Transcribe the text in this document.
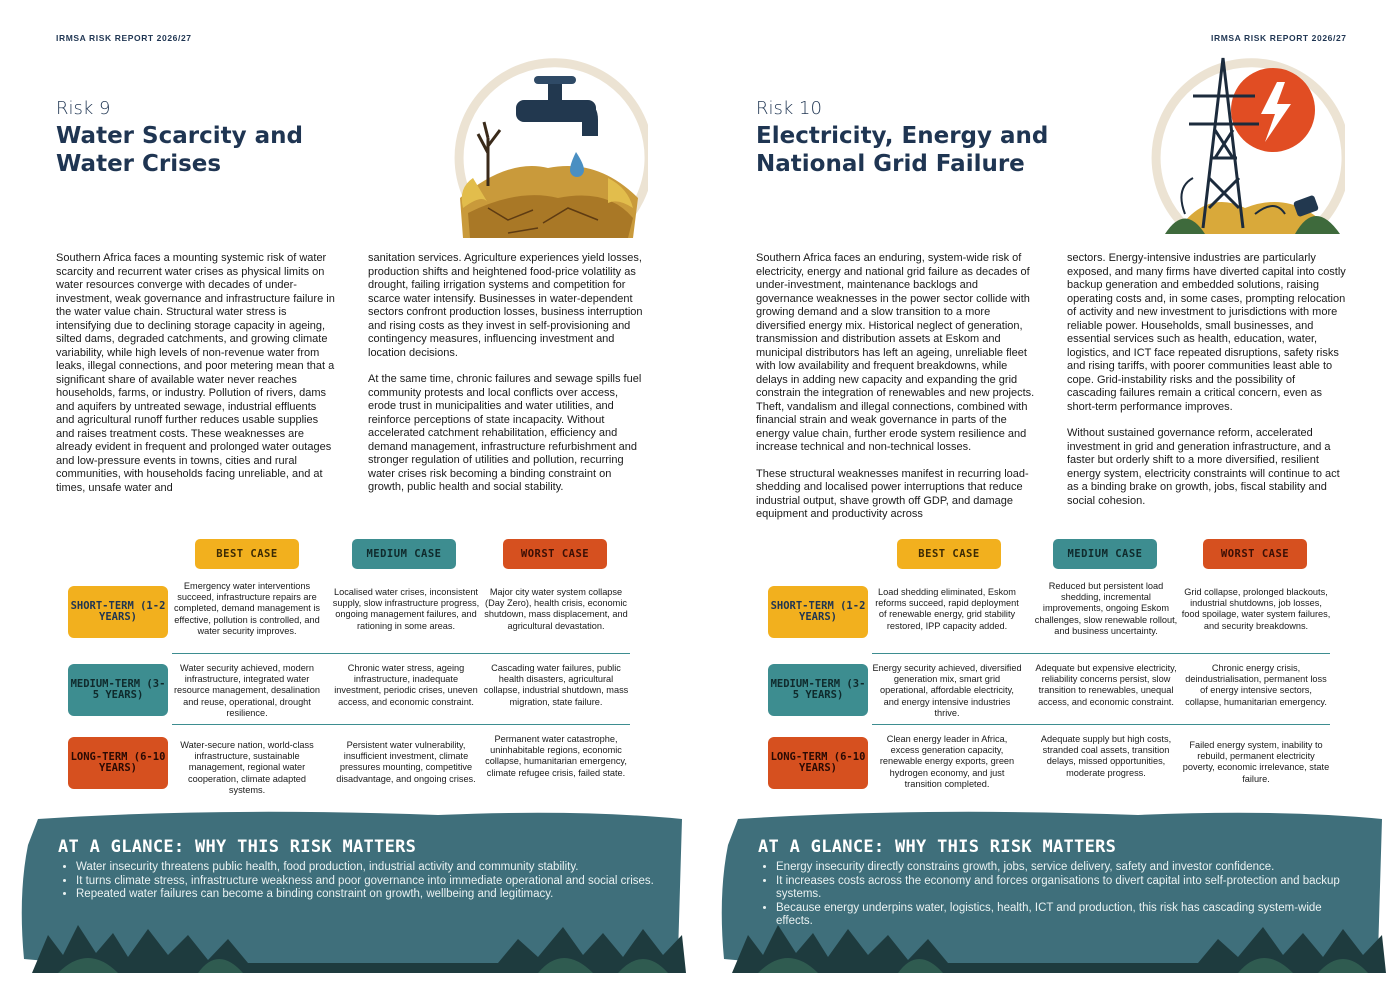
IRMSA RISK REPORT 2026/27
Risk 9
Water Scarcity and Water Crises

Southern Africa faces a mounting systemic risk of water scarcity and recurrent water crises as physical limits on water resources converge with decades of under-investment, weak governance and infrastructure failure in the water value chain. Structural water stress is intensifying due to declining storage capacity in ageing, silted dams, degraded catchments, and growing climate variability, while high levels of non-revenue water from leaks, illegal connections, and poor metering mean that a significant share of available water never reaches households, farms, or industry. Pollution of rivers, dams and aquifers by untreated sewage, industrial effluents and agricultural runoff further reduces usable supplies and raises treatment costs. These weaknesses are already evident in frequent and prolonged water outages and low-pressure events in towns, cities and rural communities, with households facing unreliable, and at times, unsafe water and

sanitation services. Agriculture experiences yield losses, production shifts and heightened food-price volatility as drought, failing irrigation systems and competition for scarce water intensify. Businesses in water-dependent sectors confront production losses, business interruption and rising costs as they invest in self-provisioning and contingency measures, influencing investment and location decisions.

At the same time, chronic failures and sewage spills fuel community protests and local conflicts over access, erode trust in municipalities and water utilities, and reinforce perceptions of state incapacity. Without accelerated catchment rehabilitation, efficiency and demand management, infrastructure refurbishment and stronger regulation of utilities and pollution, recurring water crises risk becoming a binding constraint on growth, public health and social stability.

BEST CASE	MEDIUM CASE	WORST CASE
SHORT-TERM (1-2 YEARS)
Emergency water interventions succeed, infrastructure repairs are completed, demand management is effective, pollution is controlled, and water security improves.
Localised water crises, inconsistent supply, slow infrastructure progress, ongoing management failures, and rationing in some areas.
Major city water system collapse (Day Zero), health crisis, economic shutdown, mass displacement, and agricultural devastation.
MEDIUM-TERM (3-5 YEARS)
Water security achieved, modern infrastructure, integrated water resource management, desalination and reuse, operational, drought resilience.
Chronic water stress, ageing infrastructure, inadequate investment, periodic crises, uneven access, and economic constraint.
Cascading water failures, public health disasters, agricultural collapse, industrial shutdown, mass migration, state failure.
LONG-TERM (6-10 YEARS)
Water-secure nation, world-class infrastructure, sustainable management, regional water cooperation, climate adapted systems.
Persistent water vulnerability, insufficient investment, climate pressures mounting, competitive disadvantage, and ongoing crises.
Permanent water catastrophe, uninhabitable regions, economic collapse, humanitarian emergency, climate refugee crisis, failed state.
AT A GLANCE: WHY THIS RISK MATTERS
• Water insecurity threatens public health, food production, industrial activity and community stability.
• It turns climate stress, infrastructure weakness and poor governance into immediate operational and social crises.
• Repeated water failures can become a binding constraint on growth, wellbeing and legitimacy.
IRMSA RISK REPORT 2026/27
Risk 10
Electricity, Energy and National Grid Failure

Southern Africa faces an enduring, system-wide risk of electricity, energy and national grid failure as decades of under-investment, maintenance backlogs and governance weaknesses in the power sector collide with growing demand and a slow transition to a more diversified energy mix. Historical neglect of generation, transmission and distribution assets at Eskom and municipal distributors has left an ageing, unreliable fleet with low availability and frequent breakdowns, while delays in adding new capacity and expanding the grid constrain the integration of renewables and new projects. Theft, vandalism and illegal connections, combined with financial strain and weak governance in parts of the energy value chain, further erode system resilience and increase technical and non-technical losses.

These structural weaknesses manifest in recurring load-shedding and localised power interruptions that reduce industrial output, shave growth off GDP, and damage equipment and productivity across

sectors. Energy-intensive industries are particularly exposed, and many firms have diverted capital into costly backup generation and embedded solutions, raising operating costs and, in some cases, prompting relocation of activity and new investment to jurisdictions with more reliable power. Households, small businesses, and essential services such as health, education, water, logistics, and ICT face repeated disruptions, safety risks and rising tariffs, with poorer communities least able to cope. Grid-instability risks and the possibility of cascading failures remain a critical concern, even as short-term performance improves.

Without sustained governance reform, accelerated investment in grid and generation infrastructure, and a faster but orderly shift to a more diversified, resilient energy system, electricity constraints will continue to act as a binding brake on growth, jobs, fiscal stability and social cohesion.

BEST CASE	MEDIUM CASE	WORST CASE
SHORT-TERM (1-2 YEARS)
Load shedding eliminated, Eskom reforms succeed, rapid deployment of renewable energy, grid stability restored, IPP capacity added.
Reduced but persistent load shedding, incremental improvements, ongoing Eskom challenges, slow renewable rollout, and business uncertainty.
Grid collapse, prolonged blackouts, industrial shutdowns, job losses, food spoilage, water system failures, and security breakdowns.
MEDIUM-TERM (3-5 YEARS)
Energy security achieved, diversified generation mix, smart grid operational, affordable electricity, and energy intensive industries thrive.
Adequate but expensive electricity, reliability concerns persist, slow transition to renewables, unequal access, and economic constraint.
Chronic energy crisis, deindustrialisation, permanent loss of energy intensive sectors, collapse, humanitarian emergency.
LONG-TERM (6-10 YEARS)
Clean energy leader in Africa, excess generation capacity, renewable energy exports, green hydrogen economy, and just transition completed.
Adequate supply but high costs, stranded coal assets, transition delays, missed opportunities, moderate progress.
Failed energy system, inability to rebuild, permanent electricity poverty, economic irrelevance, state failure.
AT A GLANCE: WHY THIS RISK MATTERS
• Energy insecurity directly constrains growth, jobs, service delivery, safety and investor confidence.
• It increases costs across the economy and forces organisations to divert capital into self-protection and backup systems.
• Because energy underpins water, logistics, health, ICT and production, this risk has cascading system-wide effects.
